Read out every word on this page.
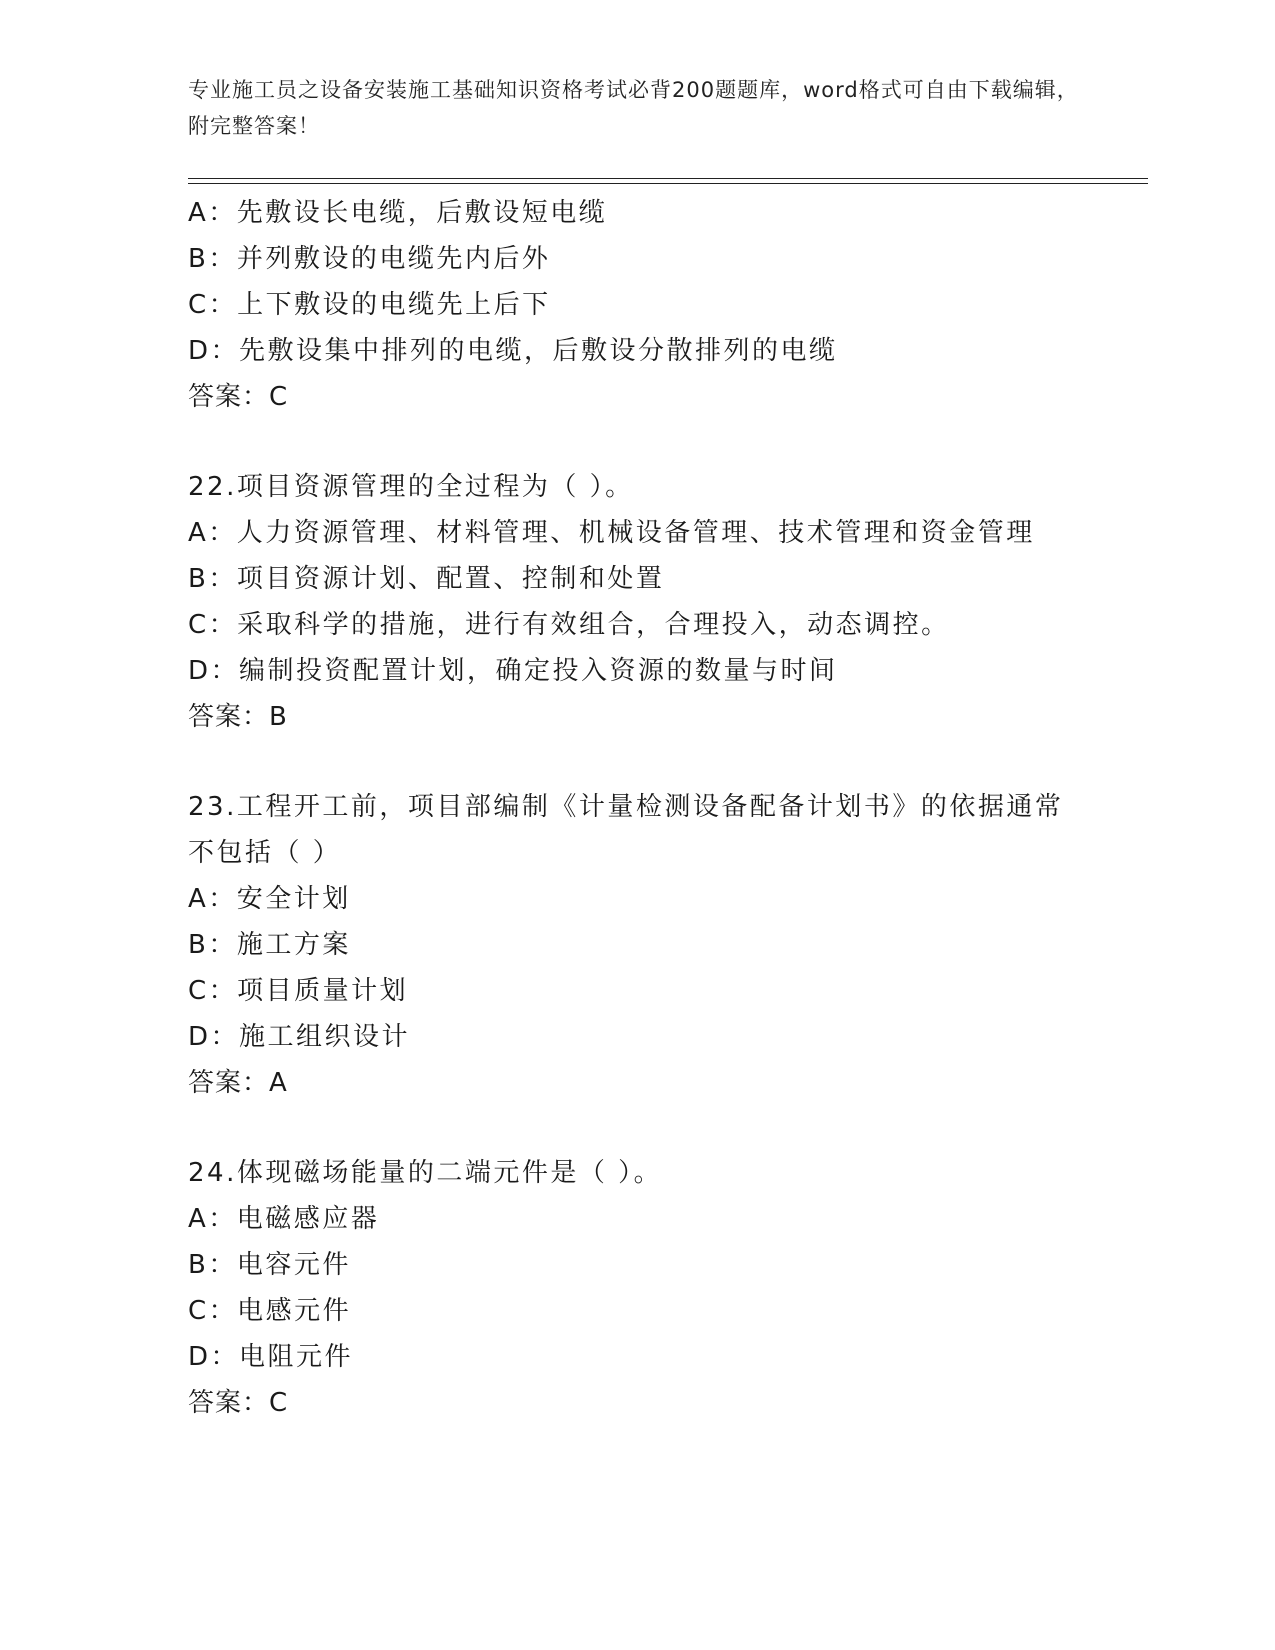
专业施工员之设备安装施工基础知识资格考试必背200题题库，word格式可自由下载编辑，附完整答案！
A：先敷设长电缆，后敷设短电缆
B：并列敷设的电缆先内后外
C：上下敷设的电缆先上后下
D：先敷设集中排列的电缆，后敷设分散排列的电缆
答案：C
22.项目资源管理的全过程为（ ）。
A：人力资源管理、材料管理、机械设备管理、技术管理和资金管理
B：项目资源计划、配置、控制和处置
C：采取科学的措施，进行有效组合，合理投入，动态调控。
D：编制投资配置计划，确定投入资源的数量与时间
答案：B
23.工程开工前，项目部编制《计量检测设备配备计划书》的依据通常不包括（ ）
A：安全计划
B：施工方案
C：项目质量计划
D：施工组织设计
答案：A
24.体现磁场能量的二端元件是（ ）。
A：电磁感应器
B：电容元件
C：电感元件
D：电阻元件
答案：C
